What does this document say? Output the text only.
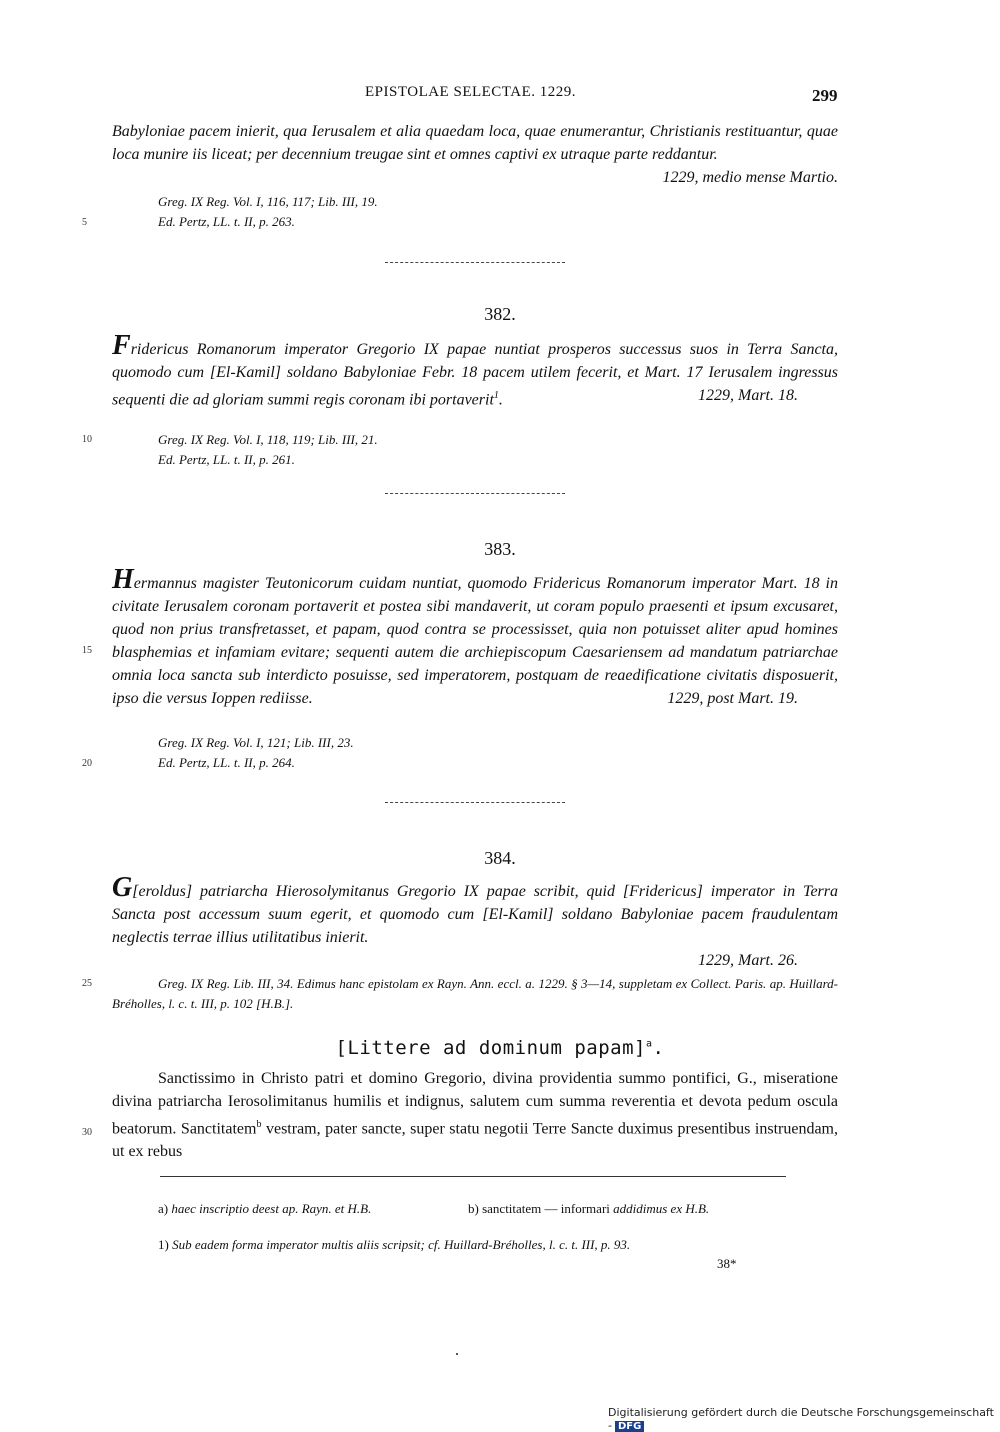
EPISTOLAE SELECTAE. 1229.	299
Babyloniae pacem inierit, qua Ierusalem et alia quaedam loca, quae enumerantur, Christianis restituantur, quae loca munire iis liceat; per decennium treugae sint et omnes captivi ex utraque parte reddantur.
1229, medio mense Martio.
Greg. IX Reg. Vol. I, 116, 117; Lib. III, 19.
Ed. Pertz, LL. t. II, p. 263.
5
382.
Fridericus Romanorum imperator Gregorio IX papae nuntiat prosperos successus suos in Terra Sancta, quomodo cum [El-Kamil] soldano Babyloniae Febr. 18 pacem utilem fecerit, et Mart. 17 Ierusalem ingressus sequenti die ad gloriam summi regis coronam ibi portaverit$^1$.	1229, Mart. 18.
Greg. IX Reg. Vol. I, 118, 119; Lib. III, 21.
Ed. Pertz, LL. t. II, p. 261.
10
383.
Hermannus magister Teutonicorum cuidam nuntiat, quomodo Fridericus Romanorum imperator Mart. 18 in civitate Ierusalem coronam portaverit et postea sibi mandaverit, ut coram populo praesenti et ipsum excusaret, quod non prius transfretasset, et papam, quod contra se processisset, quia non potuisset aliter apud homines blasphemias et infamiam evitare; sequenti autem die archiepiscopum Caesariensem ad mandatum patriarchae omnia loca sancta sub interdicto posuisse, sed imperatorem, postquam de reaedificatione civitatis disposuerit, ipso die versus Ioppen rediisse.	1229, post Mart. 19.
Greg. IX Reg. Vol. I, 121; Lib. III, 23.
Ed. Pertz, LL. t. II, p. 264.
15
20
384.
G[eroldus] patriarcha Hierosolymitanus Gregorio IX papae scribit, quid [Fridericus] imperator in Terra Sancta post accessum suum egerit, et quomodo cum [El-Kamil] soldano Babyloniae pacem fraudulentam neglectis terrae illius utilitatibus inierit.
1229, Mart. 26.
Greg. IX Reg. Lib. III, 34. Edimus hanc epistolam ex Rayn. Ann. eccl. a. 1229. § 3—14, suppletam ex Collect. Paris. ap. Huillard-Bréholles, l. c. t. III, p. 102 [H.B.].
25
[Littere ad dominum papam]$^a$.
Sanctissimo in Christo patri et domino Gregorio, divina providentia summo pontifici, G., miseratione divina patriarcha Ierosolimitanus humilis et indignus, salutem cum summa reverentia et devota pedum oscula beatorum. Sanctitatem$^b$ vestram, pater sancte, super statu negotii Terre Sancte duximus presentibus instruendam, ut ex rebus
30
a) haec inscriptio deest ap. Rayn. et H.B.	b) sanctitatem — informari addidimus ex H.B.
1) Sub eadem forma imperator multis aliis scripsit; cf. Huillard-Bréholles, l. c. t. III, p. 93.
38*
Digitalisierung gefördert durch die Deutsche Forschungsgemeinschaft - DFG
